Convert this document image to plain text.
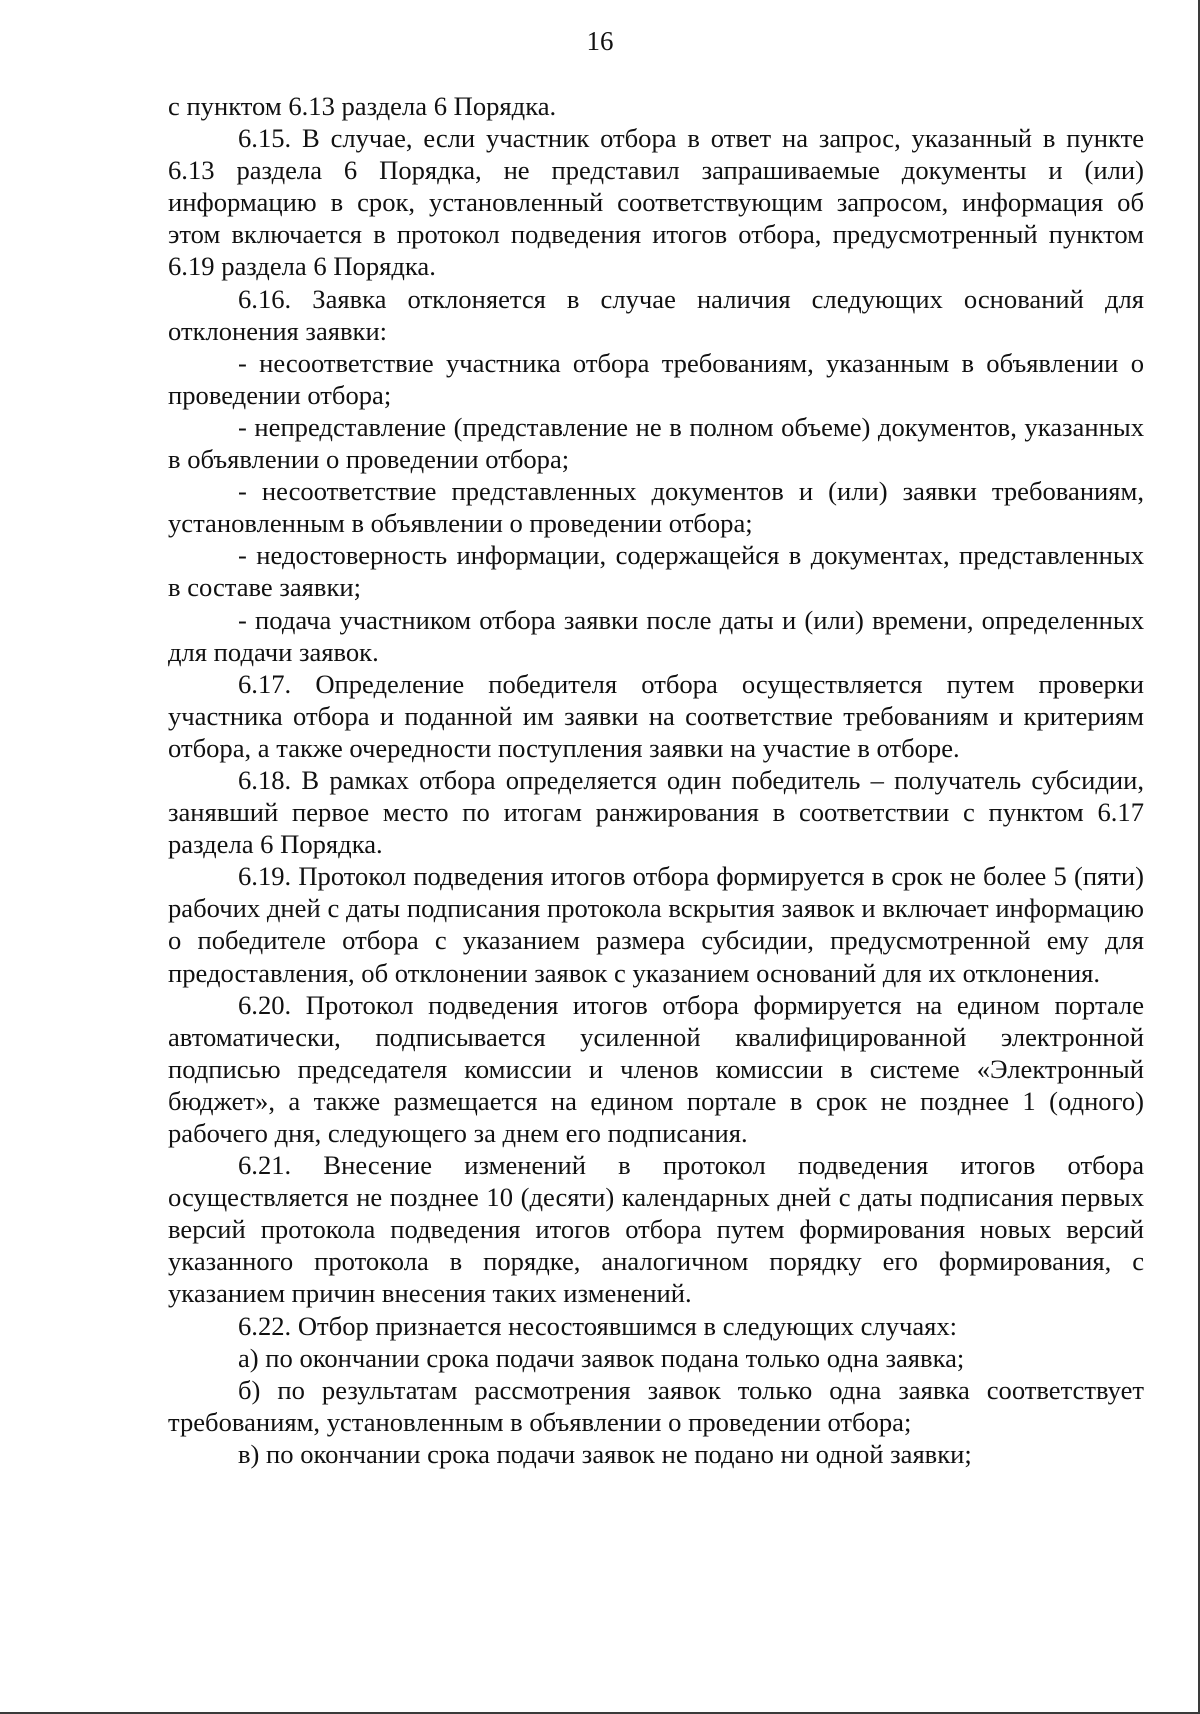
16

с пунктом 6.13 раздела 6 Порядка.

6.15. В случае, если участник отбора в ответ на запрос, указанный в пункте 6.13 раздела 6 Порядка, не представил запрашиваемые документы и (или) информацию в срок, установленный соответствующим запросом, информация об этом включается в протокол подведения итогов отбора, предусмотренный пунктом 6.19 раздела 6 Порядка.

6.16. Заявка отклоняется в случае наличия следующих оснований для отклонения заявки:

- несоответствие участника отбора требованиям, указанным в объявлении о проведении отбора;

- непредставление (представление не в полном объеме) документов, указанных в объявлении о проведении отбора;

- несоответствие представленных документов и (или) заявки требованиям, установленным в объявлении о проведении отбора;

- недостоверность информации, содержащейся в документах, представленных в составе заявки;

- подача участником отбора заявки после даты и (или) времени, определенных для подачи заявок.

6.17. Определение победителя отбора осуществляется путем проверки участника отбора и поданной им заявки на соответствие требованиям и критериям отбора, а также очередности поступления заявки на участие в отборе.

6.18. В рамках отбора определяется один победитель – получатель субсидии, занявший первое место по итогам ранжирования в соответствии с пунктом 6.17 раздела 6 Порядка.

6.19. Протокол подведения итогов отбора формируется в срок не более 5 (пяти) рабочих дней с даты подписания протокола вскрытия заявок и включает информацию о победителе отбора с указанием размера субсидии, предусмотренной ему для предоставления, об отклонении заявок с указанием оснований для их отклонения.

6.20. Протокол подведения итогов отбора формируется на едином портале автоматически, подписывается усиленной квалифицированной электронной подписью председателя комиссии и членов комиссии в системе «Электронный бюджет», а также размещается на едином портале в срок не позднее 1 (одного) рабочего дня, следующего за днем его подписания.

6.21. Внесение изменений в протокол подведения итогов отбора осуществляется не позднее 10 (десяти) календарных дней с даты подписания первых версий протокола подведения итогов отбора путем формирования новых версий указанного протокола в порядке, аналогичном порядку его формирования, с указанием причин внесения таких изменений.

6.22. Отбор признается несостоявшимся в следующих случаях:

а) по окончании срока подачи заявок подана только одна заявка;

б) по результатам рассмотрения заявок только одна заявка соответствует требованиям, установленным в объявлении о проведении отбора;

в) по окончании срока подачи заявок не подано ни одной заявки;
